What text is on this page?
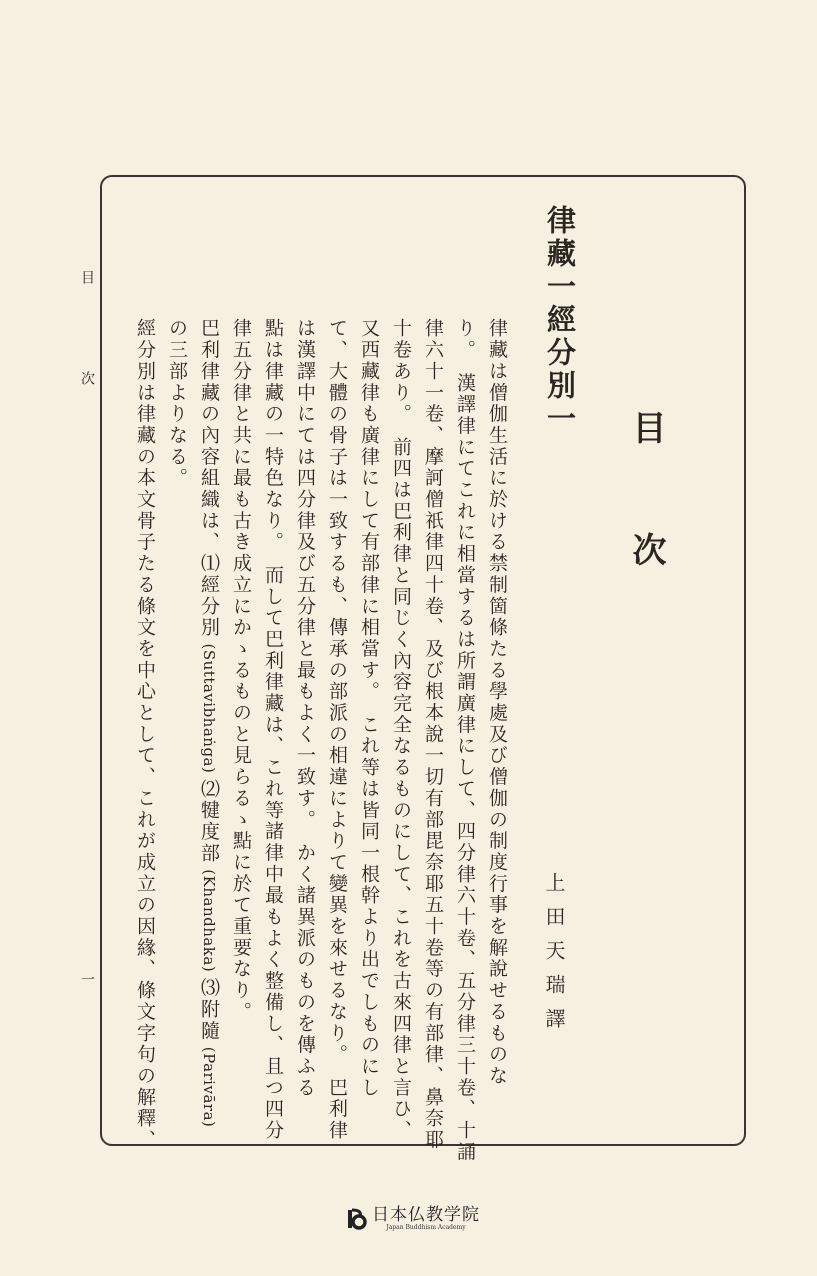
目
次
一
目次
律藏一經分別一
上田天瑞譯
律藏は僧伽生活に於ける禁制箇條たる學處及び僧伽の制度行事を解說せるものな
り。　漢譯律にてこれに相當するは所謂廣律にして、四分律六十卷、五分律三十卷、十誦
律六十一卷、摩訶僧祇律四十卷、及び根本說一切有部毘奈耶五十卷等の有部律、鼻奈耶
十卷あり。　前四は巴利律と同じく內容完全なるものにして、これを古來四律と言ひ、
又西藏律も廣律にして有部律に相當す。　これ等は皆同一根幹より出でしものにし
て、大體の骨子は一致するも、傳承の部派の相違によりて變異を來せるなり。　巴利律
は漢譯中にては四分律及び五分律と最もよく一致す。　かく諸異派のものを傳ふる
點は律藏の一特色なり。　而して巴利律藏は、これ等諸律中最もよく整備し、且つ四分
律五分律と共に最も古き成立にかゝるものと見らるゝ點に於て重要なり。
巴利律藏の內容組織は、⑴經分別 (Suttavibhaṅga) ⑵犍度部 (Khandhaka) ⑶附隨 (Parivāra)
の三部よりなる。
經分別は律藏の本文骨子たる條文を中心として、これが成立の因緣、條文字句の解釋、
日本仏教学院
Japan Buddhism Academy
